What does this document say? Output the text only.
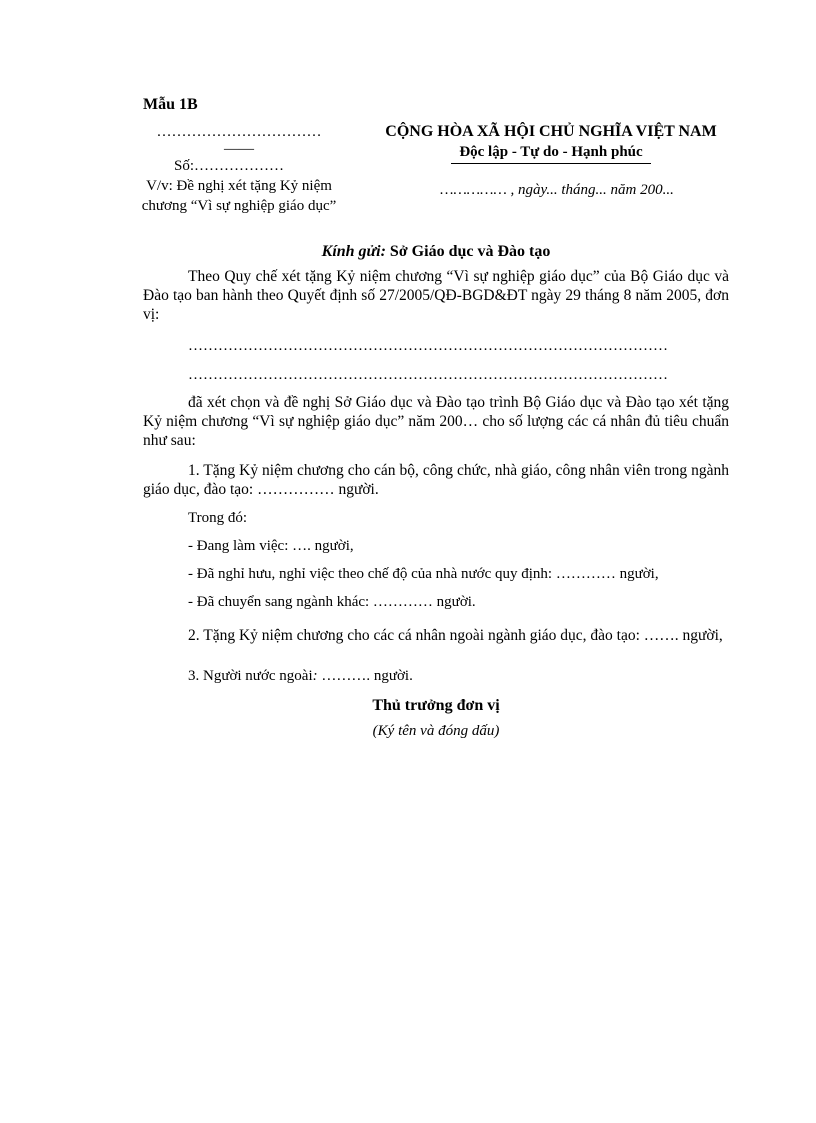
Mẫu 1B
……………………………
——
Số:………………
V/v: Đề nghị xét tặng Kỷ niệm
chương “Vì sự nghiệp giáo dục”
CỘNG HÒA XÃ HỘI CHỦ NGHĨA VIỆT NAM
Độc lập - Tự do - Hạnh phúc
…………… , ngày... tháng... năm 200...
Kính gửi: Sở Giáo dục và Đào tạo
Theo Quy chế xét tặng Kỷ niệm chương “Vì sự nghiệp giáo dục” của Bộ Giáo dục và Đào tạo ban hành theo Quyết định số 27/2005/QĐ-BGD&ĐT ngày 29 tháng 8 năm 2005, đơn vị:
……………………………………………………………………………………
……………………………………………………………………………………
đã xét chọn và đề nghị Sở Giáo dục và Đào tạo trình Bộ Giáo dục và Đào tạo xét tặng Kỷ niệm chương “Vì sự nghiệp giáo dục” năm 200… cho số lượng các cá nhân đủ tiêu chuẩn như sau:
1. Tặng Kỷ niệm chương cho cán bộ, công chức, nhà giáo, công nhân viên trong ngành giáo dục, đào tạo: …………… người.
Trong đó:
- Đang làm việc: …. người,
- Đã nghỉ hưu, nghỉ việc theo chế độ của nhà nước quy định: ………… người,
- Đã chuyển sang ngành khác: ………… người.
2. Tặng Kỷ niệm chương cho các cá nhân ngoài ngành giáo dục, đào tạo: ……. người,
3. Người nước ngoài: ………. người.
Thủ trưởng đơn vị
(Ký tên và đóng dấu)
